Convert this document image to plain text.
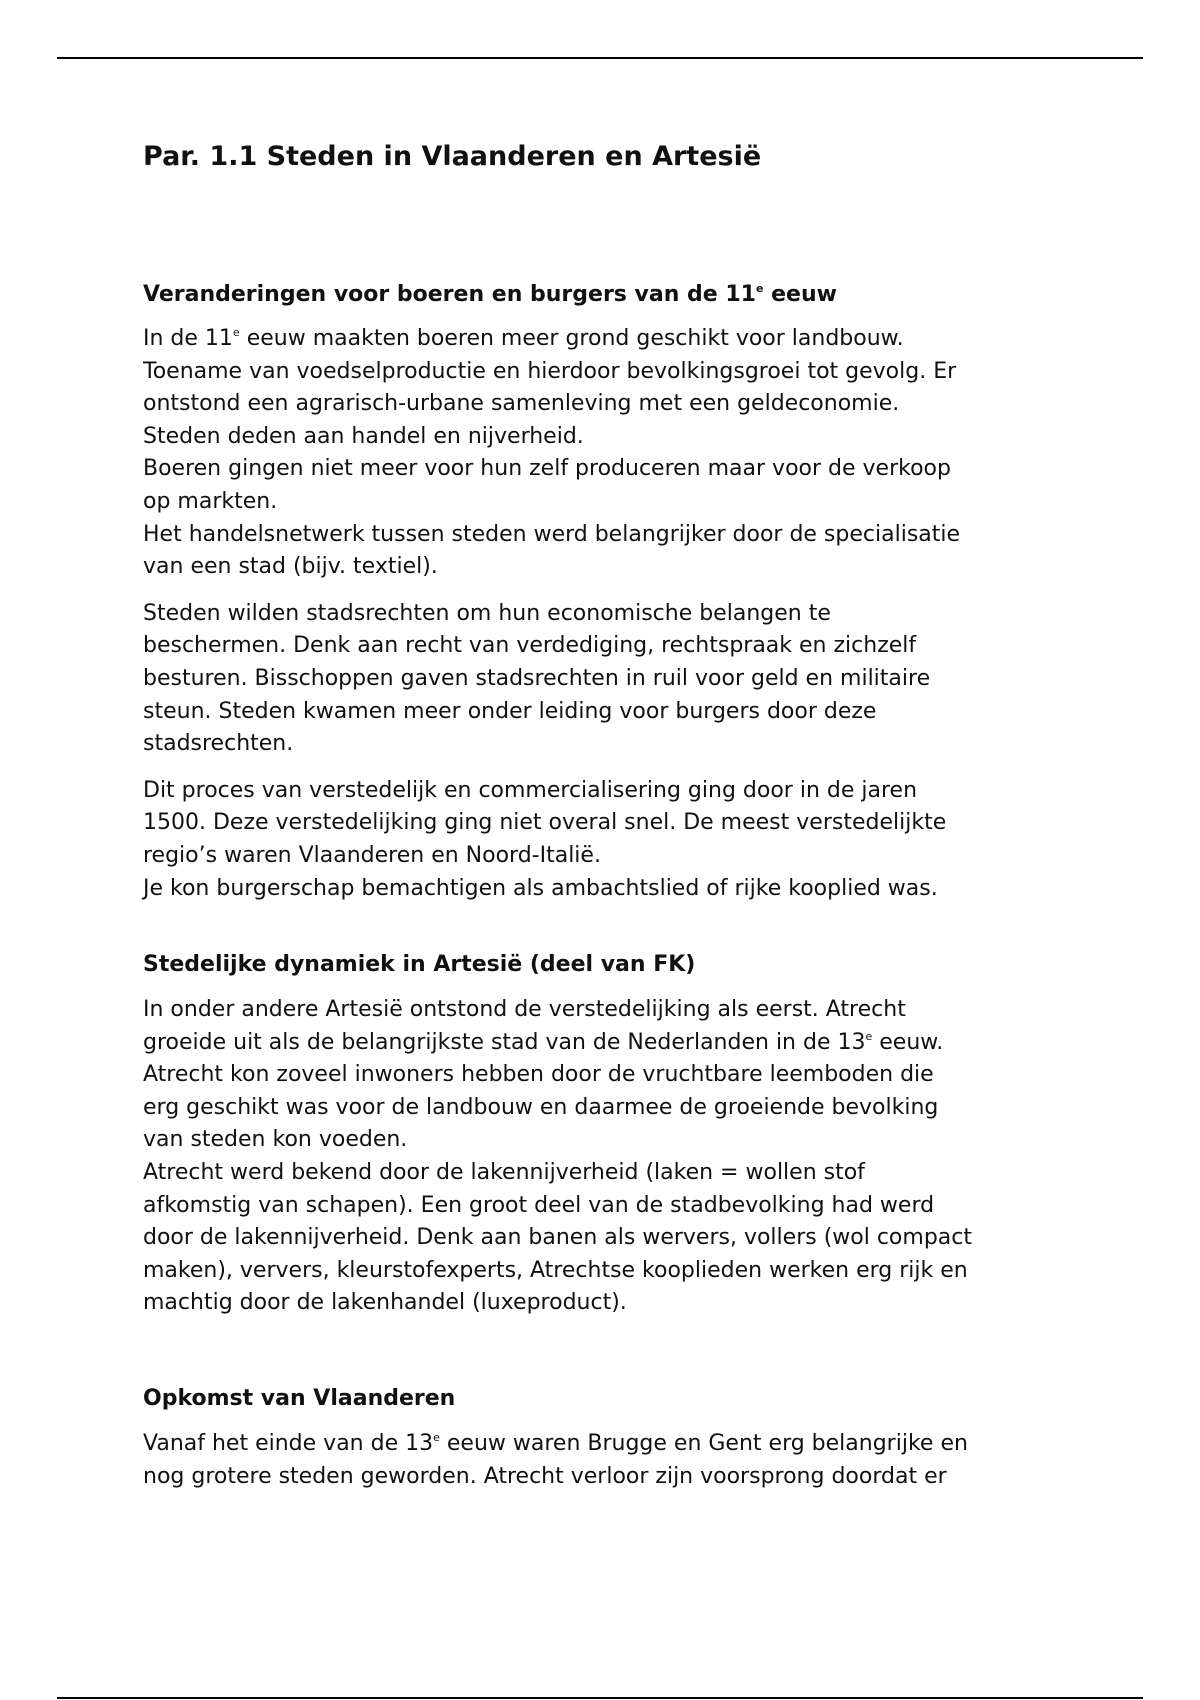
Par. 1.1 Steden in Vlaanderen en Artesië
Veranderingen voor boeren en burgers van de 11e eeuw

In de 11e eeuw maakten boeren meer grond geschikt voor landbouw.
Toename van voedselproductie en hierdoor bevolkingsgroei tot gevolg. Er
ontstond een agrarisch-urbane samenleving met een geldeconomie.
Steden deden aan handel en nijverheid.
Boeren gingen niet meer voor hun zelf produceren maar voor de verkoop
op markten.
Het handelsnetwerk tussen steden werd belangrijker door de specialisatie
van een stad (bijv. textiel).

Steden wilden stadsrechten om hun economische belangen te
beschermen. Denk aan recht van verdediging, rechtspraak en zichzelf
besturen. Bisschoppen gaven stadsrechten in ruil voor geld en militaire
steun. Steden kwamen meer onder leiding voor burgers door deze
stadsrechten.

Dit proces van verstedelijk en commercialisering ging door in de jaren
1500. Deze verstedelijking ging niet overal snel. De meest verstedelijkte
regio’s waren Vlaanderen en Noord-Italië.
Je kon burgerschap bemachtigen als ambachtslied of rijke kooplied was.

Stedelijke dynamiek in Artesië (deel van FK)

In onder andere Artesië ontstond de verstedelijking als eerst. Atrecht
groeide uit als de belangrijkste stad van de Nederlanden in de 13e eeuw.
Atrecht kon zoveel inwoners hebben door de vruchtbare leemboden die
erg geschikt was voor de landbouw en daarmee de groeiende bevolking
van steden kon voeden.
Atrecht werd bekend door de lakennijverheid (laken = wollen stof
afkomstig van schapen). Een groot deel van de stadbevolking had werd
door de lakennijverheid. Denk aan banen als wervers, vollers (wol compact
maken), ververs, kleurstofexperts, Atrechtse kooplieden werken erg rijk en
machtig door de lakenhandel (luxeproduct).

Opkomst van Vlaanderen

Vanaf het einde van de 13e eeuw waren Brugge en Gent erg belangrijke en
nog grotere steden geworden. Atrecht verloor zijn voorsprong doordat er
